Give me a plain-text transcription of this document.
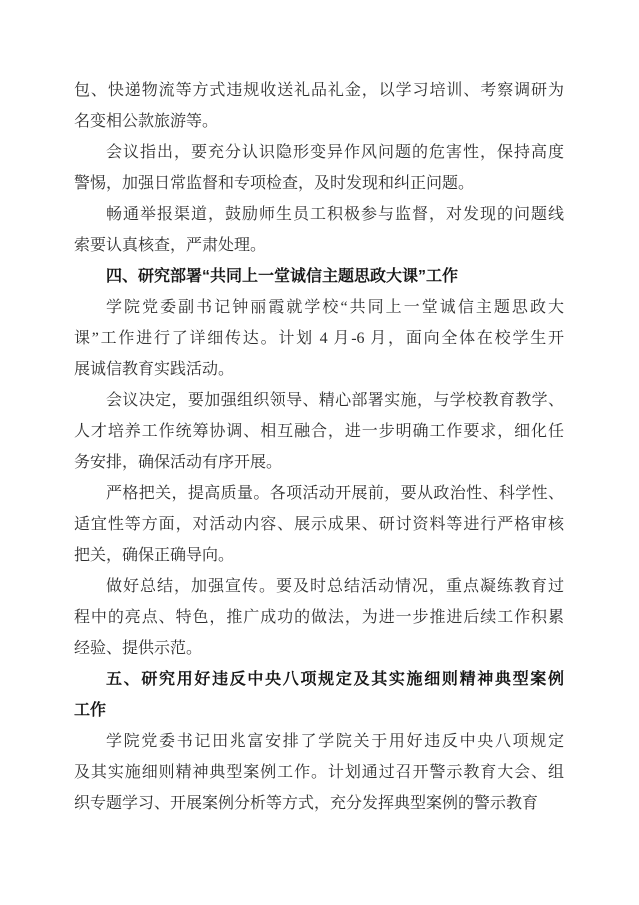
包、快递物流等方式违规收送礼品礼金，以学习培训、考察调研为
名变相公款旅游等。
会议指出，要充分认识隐形变异作风问题的危害性，保持高度
警惕，加强日常监督和专项检查，及时发现和纠正问题。
畅通举报渠道，鼓励师生员工积极参与监督，对发现的问题线
索要认真核查，严肃处理。
四、研究部署“共同上一堂诚信主题思政大课”工作
学院党委副书记钟丽霞就学校“共同上一堂诚信主题思政大
课”工作进行了详细传达。计划 4 月-6 月，面向全体在校学生开
展诚信教育实践活动。
会议决定，要加强组织领导、精心部署实施，与学校教育教学、
人才培养工作统筹协调、相互融合，进一步明确工作要求，细化任
务安排，确保活动有序开展。
严格把关，提高质量。各项活动开展前，要从政治性、科学性、
适宜性等方面，对活动内容、展示成果、研讨资料等进行严格审核
把关，确保正确导向。
做好总结，加强宣传。要及时总结活动情况，重点凝练教育过
程中的亮点、特色，推广成功的做法，为进一步推进后续工作积累
经验、提供示范。
五、研究用好违反中央八项规定及其实施细则精神典型案例
工作
学院党委书记田兆富安排了学院关于用好违反中央八项规定
及其实施细则精神典型案例工作。计划通过召开警示教育大会、组
织专题学习、开展案例分析等方式，充分发挥典型案例的警示教育
